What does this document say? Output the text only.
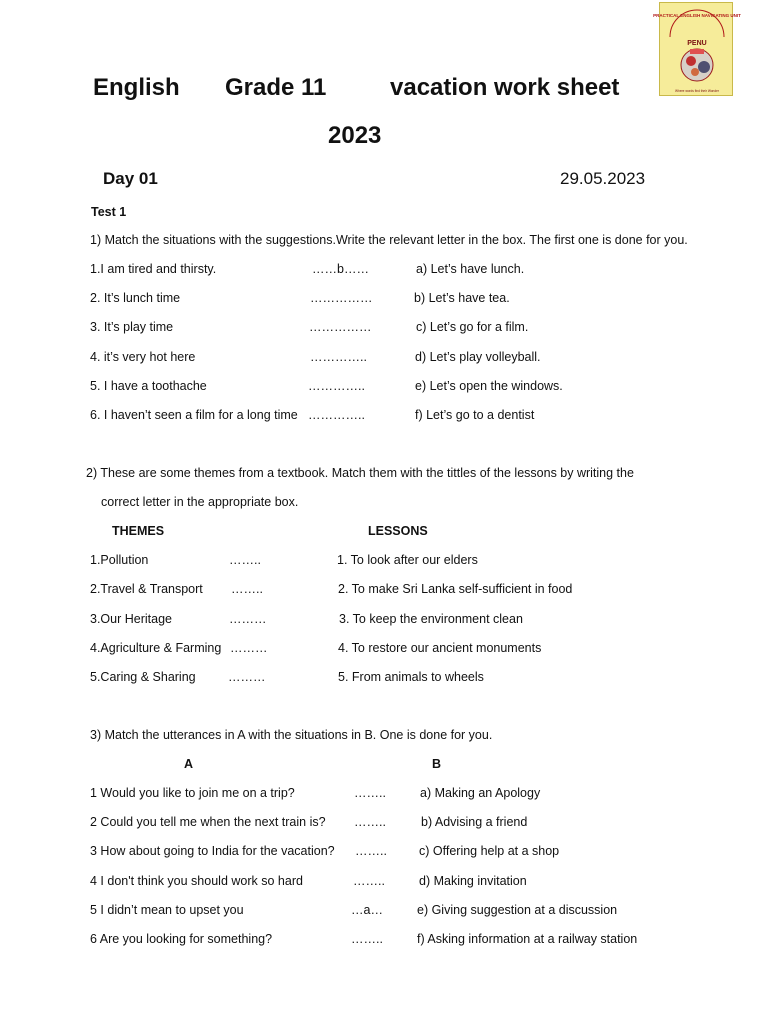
PRACTICAL ENGLISH NAVIGATING UNIT
PENU
Where words find their Wonder
English Grade 11	vacation work sheet
2023
Day 01	29.05.2023
Test 1
1) Match the situations with the suggestions.Write the relevant letter in the box. The first one is done for you.
1.I am tired and thirsty.	……b……	a) Let’s have lunch.
2. It’s lunch time	……………	b) Let’s have tea.
3. It’s play time	……………	c) Let’s go for a film.
4. it’s very hot here	…………..	d) Let’s play volleyball.
5. I have a toothache	…………..	e) Let’s open the windows.
6. I haven’t seen a film for a long time …………..	f) Let’s go to a dentist
2) These are some themes from a textbook. Match them with the tittles of the lessons by writing the
correct letter in the appropriate box.
THEMES	LESSONS
1.Pollution	……..	1. To look after our elders
2.Travel & Transport ……..	2. To make Sri Lanka self-sufficient in food
3.Our Heritage	………	3. To keep the environment clean
4.Agriculture & Farming ………	4. To restore our ancient monuments
5.Caring & Sharing	………	5. From animals to wheels
3) Match the utterances in A with the situations in B. One is done for you.
A	B
1 Would you like to join me on a trip?	……..	a) Making an Apology
2 Could you tell me when the next train is? ……..	b) Advising a friend
3 How about going to India for the vacation? ……..	c) Offering help at a shop
4 I don't think you should work so hard	……..	d) Making invitation
5 I didn’t mean to upset you	…a…	e) Giving suggestion at a discussion
6 Are you looking for something?	……..	f) Asking information at a railway station
